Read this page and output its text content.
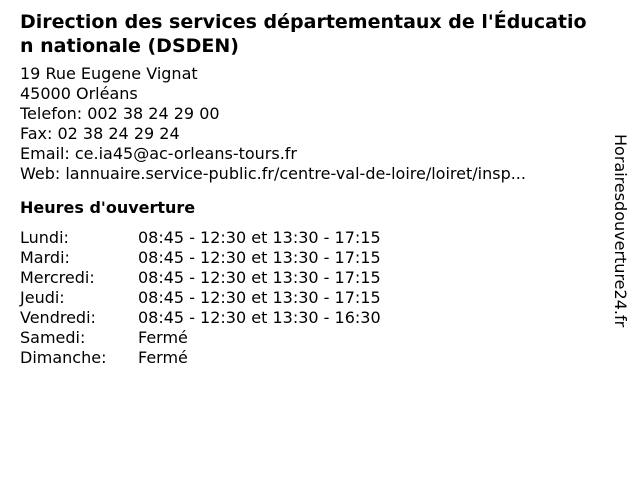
Direction des services départementaux de l'Éducation nationale (DSDEN)
19 Rue Eugene Vignat
45000 Orléans
Telefon: 002 38 24 29 00
Fax: 02 38 24 29 24
Email: ce.ia45@ac-orleans-tours.fr
Web: lannuaire.service-public.fr/centre-val-de-loire/loiret/insp...
Heures d'ouverture
Lundi:	08:45 - 12:30 et 13:30 - 17:15
Mardi:	08:45 - 12:30 et 13:30 - 17:15
Mercredi:	08:45 - 12:30 et 13:30 - 17:15
Jeudi:	08:45 - 12:30 et 13:30 - 17:15
Vendredi:	08:45 - 12:30 et 13:30 - 16:30
Samedi:	Fermé
Dimanche:	Fermé
Horairesdouverture24.fr
